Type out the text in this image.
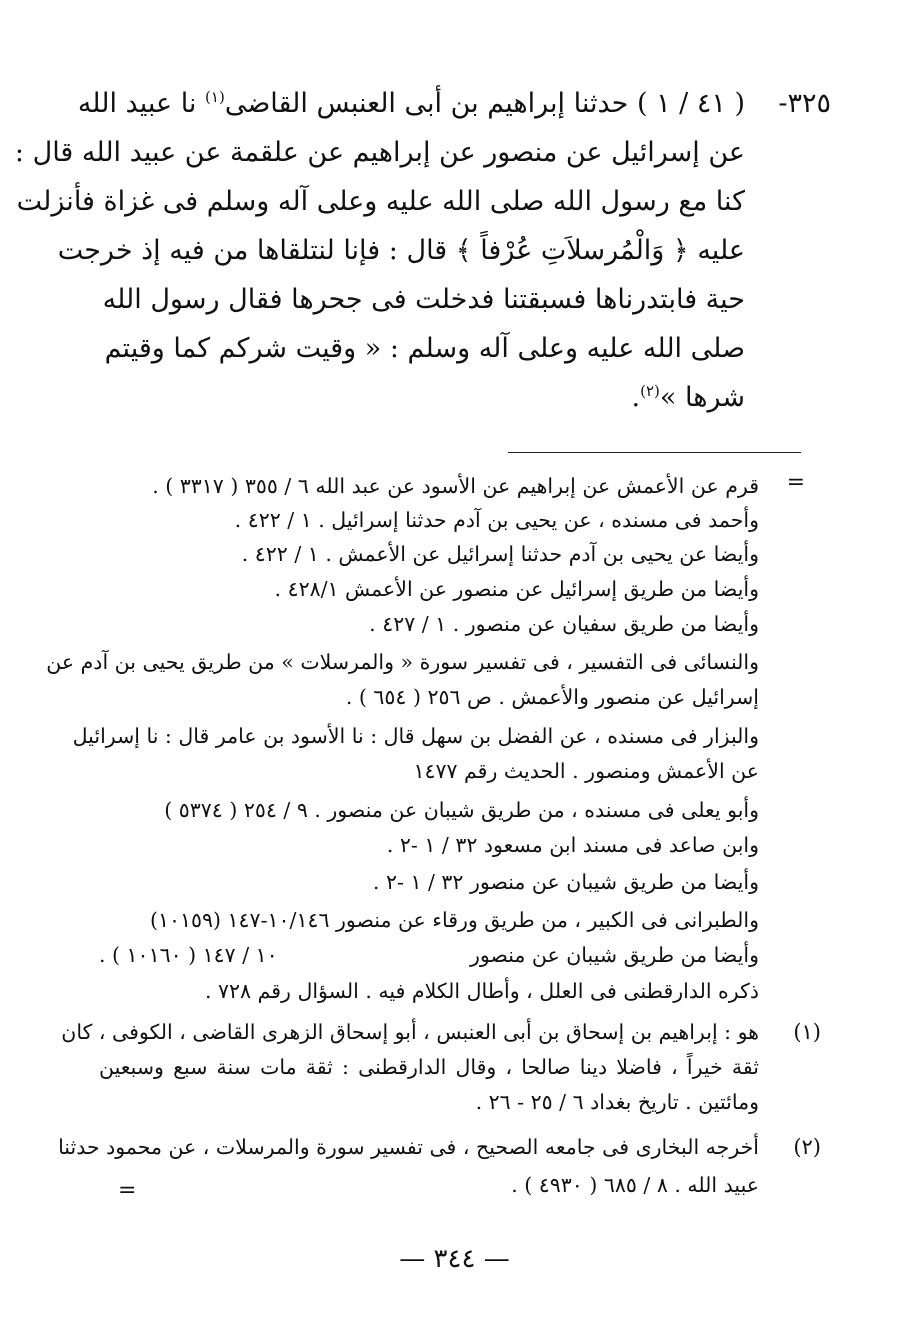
٣٢٥-
( ٤١ / ١ ) حدثنا إبراهيم بن أبى العنبس القاضى$^{(١)}$ نا عبيد الله
عن إسرائيل عن منصور عن إبراهيم عن علقمة عن عبيد الله قال :
كنا مع رسول الله صلى الله عليه وعلى آله وسلم فى غزاة فأنزلت
عليه ﴿ وَالْمُرسلاَتِ عُرْفاً ﴾ قال : فإنا لنتلقاها من فيه إذ خرجت
حية فابتدرناها فسبقتنا فدخلت فى جحرها فقال رسول الله
صلى الله عليه وعلى آله وسلم : « وقيت شركم كما وقيتم
شرها »$^{(٢)}$.
=
قرم عن الأعمش عن إبراهيم عن الأسود عن عبد الله ٦ / ٣٥٥ ( ٣٣١٧ ) .
وأحمد فى مسنده ، عن يحيى بن آدم حدثنا إسرائيل . ١ / ٤٢٢ .
وأيضا عن يحيى بن آدم حدثنا إسرائيل عن الأعمش . ١ / ٤٢٢ .
وأيضا من طريق إسرائيل عن منصور عن الأعمش ٤٢٨/١ .
وأيضا من طريق سفيان عن منصور . ١ / ٤٢٧ .
والنسائى فى التفسير ، فى تفسير سورة « والمرسلات » من طريق يحيى بن آدم عن
إسرائيل عن منصور والأعمش . ص ٢٥٦ ( ٦٥٤ ) .
والبزار فى مسنده ، عن الفضل بن سهل قال : نا الأسود بن عامر قال : نا إسرائيل
عن الأعمش ومنصور . الحديث رقم ١٤٧٧
وأبو يعلى فى مسنده ، من طريق شيبان عن منصور . ٩ / ٢٥٤ ( ٥٣٧٤ )
وابن صاعد فى مسند ابن مسعود ٣٢ / ١ -٢ .
وأيضا من طريق شيبان عن منصور ٣٢ / ١ -٢ .
والطبرانى فى الكبير ، من طريق ورقاء عن منصور ١٠/١٤٦-١٤٧ (١٠١٥٩)
وأيضا من طريق شيبان عن منصور
١٠ / ١٤٧ ( ١٠١٦٠ ) .
ذكره الدارقطنى فى العلل ، وأطال الكلام فيه . السؤال رقم ٧٢٨ .
(١)
هو : إبراهيم بن إسحاق بن أبى العنبس ، أبو إسحاق الزهرى القاضى ، الكوفى ، كان
ثقة خيراً ، فاضلا دينا صالحا ، وقال الدارقطنى : ثقة مات سنة سبع وسبعين
ومائتين . تاريخ بغداد ٦ / ٢٥ - ٢٦ .
(٢)
أخرجه البخارى فى جامعه الصحيح ، فى تفسير سورة والمرسلات ، عن محمود حدثنا
عبيد الله . ٨ / ٦٨٥ ( ٤٩٣٠ ) .
=
— ٣٤٤ —
